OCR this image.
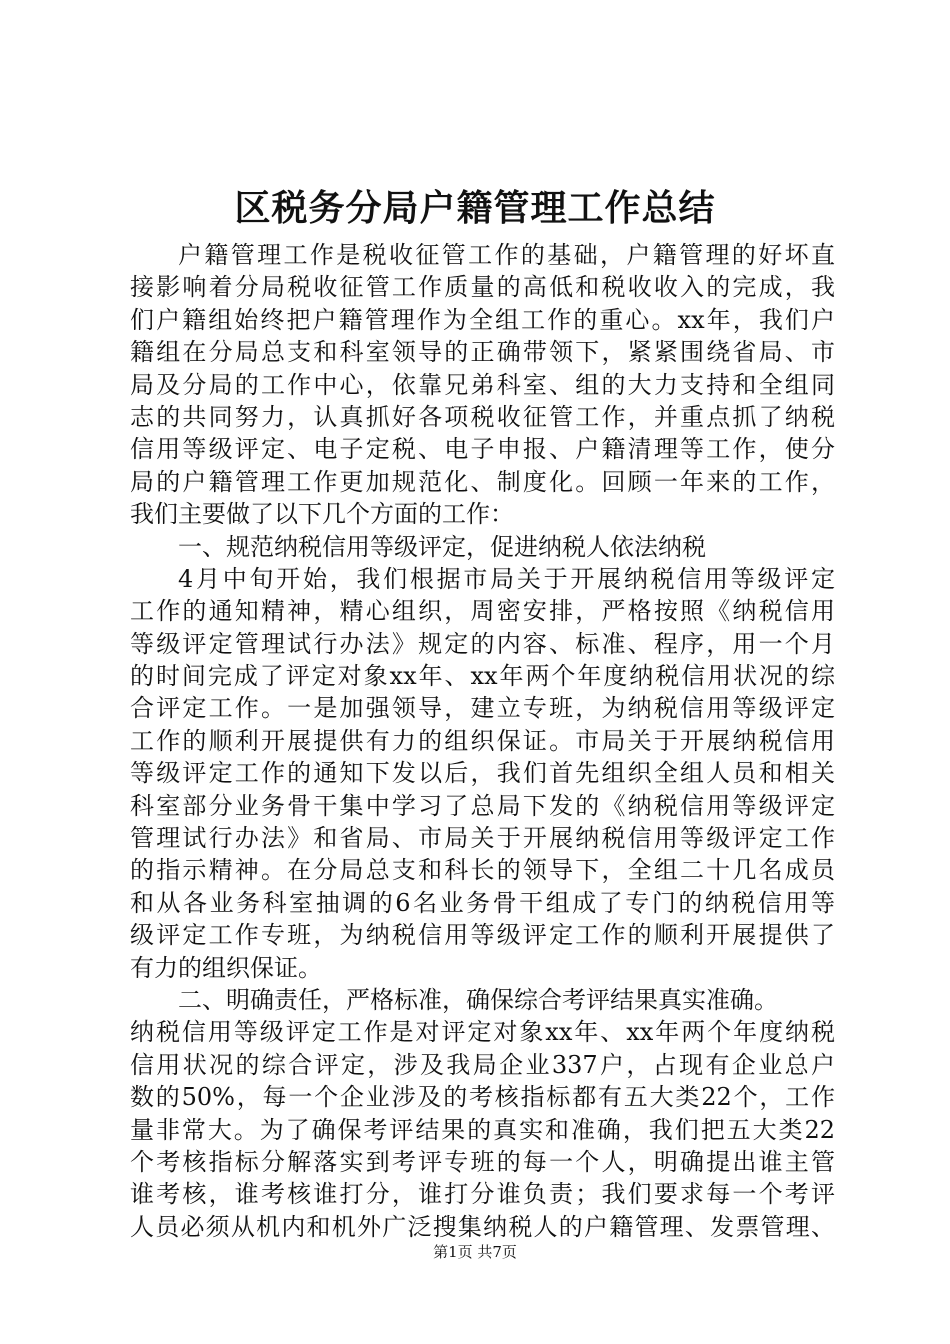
区税务分局户籍管理工作总结
户籍管理工作是税收征管工作的基础，户籍管理的好坏直
接影响着分局税收征管工作质量的高低和税收收入的完成，我
们户籍组始终把户籍管理作为全组工作的重心。xx年，我们户
籍组在分局总支和科室领导的正确带领下，紧紧围绕省局、市
局及分局的工作中心，依靠兄弟科室、组的大力支持和全组同
志的共同努力，认真抓好各项税收征管工作，并重点抓了纳税
信用等级评定、电子定税、电子申报、户籍清理等工作，使分
局的户籍管理工作更加规范化、制度化。回顾一年来的工作，
我们主要做了以下几个方面的工作：
一、规范纳税信用等级评定，促进纳税人依法纳税
4月中旬开始，我们根据市局关于开展纳税信用等级评定
工作的通知精神，精心组织，周密安排，严格按照《纳税信用
等级评定管理试行办法》规定的内容、标准、程序，用一个月
的时间完成了评定对象xx年、xx年两个年度纳税信用状况的综
合评定工作。一是加强领导，建立专班，为纳税信用等级评定
工作的顺利开展提供有力的组织保证。市局关于开展纳税信用
等级评定工作的通知下发以后，我们首先组织全组人员和相关
科室部分业务骨干集中学习了总局下发的《纳税信用等级评定
管理试行办法》和省局、市局关于开展纳税信用等级评定工作
的指示精神。在分局总支和科长的领导下，全组二十几名成员
和从各业务科室抽调的6名业务骨干组成了专门的纳税信用等
级评定工作专班，为纳税信用等级评定工作的顺利开展提供了
有力的组织保证。
二、明确责任，严格标准，确保综合考评结果真实准确。
纳税信用等级评定工作是对评定对象xx年、xx年两个年度纳税
信用状况的综合评定，涉及我局企业337户，占现有企业总户
数的50%，每一个企业涉及的考核指标都有五大类22个，工作
量非常大。为了确保考评结果的真实和准确，我们把五大类22
个考核指标分解落实到考评专班的每一个人，明确提出谁主管
谁考核，谁考核谁打分，谁打分谁负责；我们要求每一个考评
人员必须从机内和机外广泛搜集纳税人的户籍管理、发票管理、
第1页 共7页
